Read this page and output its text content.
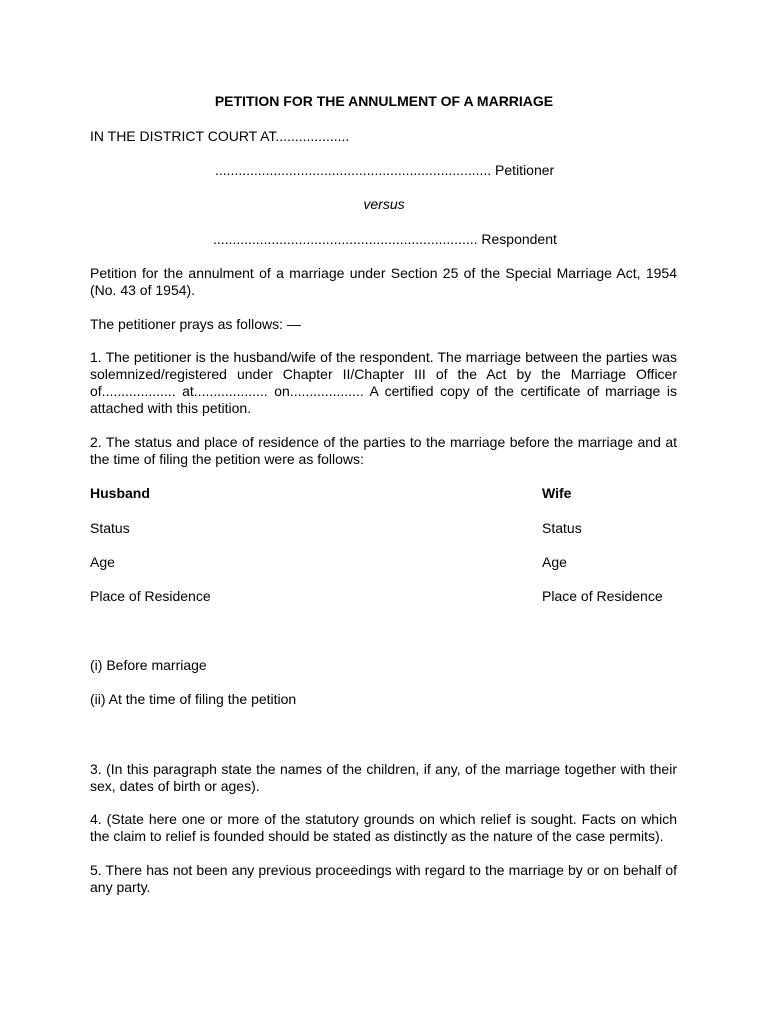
PETITION FOR THE ANNULMENT OF A MARRIAGE
IN THE DISTRICT COURT AT...................
....................................................................... Petitioner
versus
.................................................................... Respondent
Petition for the annulment of a marriage under Section 25 of the Special Marriage Act, 1954 (No. 43 of 1954).
The petitioner prays as follows: —
1. The petitioner is the husband/wife of the respondent. The marriage between the parties was solemnized/registered under Chapter II/Chapter III of the Act by the Marriage Officer of................... at................... on................... A certified copy of the certificate of marriage is attached with this petition.
2. The status and place of residence of the parties to the marriage before the marriage and at the time of filing the petition were as follows:
Husband	Wife
Status	Status
Age	Age
Place of Residence	Place of Residence
(i) Before marriage
(ii) At the time of filing the petition
3. (In this paragraph state the names of the children, if any, of the marriage together with their sex, dates of birth or ages).
4. (State here one or more of the statutory grounds on which relief is sought. Facts on which the claim to relief is founded should be stated as distinctly as the nature of the case permits).
5. There has not been any previous proceedings with regard to the marriage by or on behalf of any party.
